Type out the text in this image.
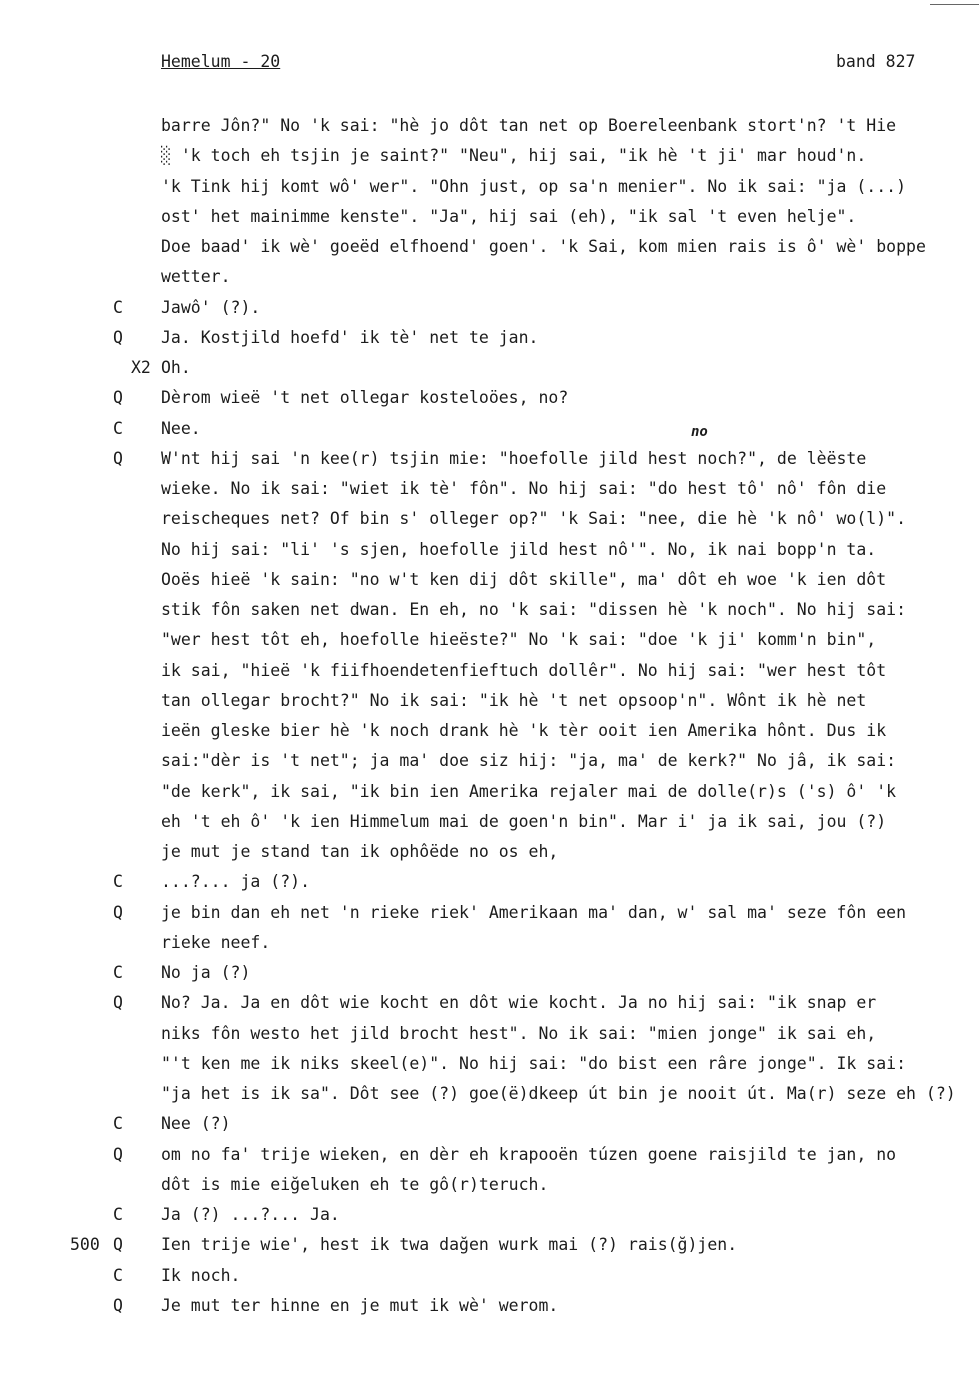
Hemelum - 20	band 827
no
barre Jôn?" No 'k sai: "hè jo dôt tan net op Boereleenbank stort'n? 't Hie
░ 'k toch eh tsjin je saint?" "Neu", hij sai, "ik hè 't ji' mar houd'n.
'k Tink hij komt wô' wer". "Ohn just, op sa'n menier". No ik sai: "ja (...)
ost' het mainimme kenste". "Ja", hij sai (eh), "ik sal 't even helje".
Doe baad' ik wè' goeëd elfhoend' goen'. 'k Sai, kom mien rais is ô' wè' boppe
wetter.
C	Jawô' (?).
Q	Ja. Kostjild hoefd' ik tè' net te jan.
X2 Oh.
Q	Dèrom wieë 't net ollegar kosteloöes, no?
C	Nee.
Q	W'nt hij sai 'n kee(r) tsjin mie: "hoefolle jild hest noch?", de lèëste
wieke. No ik sai: "wiet ik tè' fôn". No hij sai: "do hest tô' nô' fôn die
reischeques net? Of bin s' olleger op?" 'k Sai: "nee, die hè 'k nô' wo(l)".
No hij sai: "li' 's sjen, hoefolle jild hest nô'". No, ik nai bopp'n ta.
Ooës hieë 'k sain: "no w't ken dij dôt skille", ma' dôt eh woe 'k ien dôt
stik fôn saken net dwan. En eh, no 'k sai: "dissen hè 'k noch". No hij sai:
"wer hest tôt eh, hoefolle hieëste?" No 'k sai: "doe 'k ji' komm'n bin",
ik sai, "hieë 'k fiifhoendetenfieftuch dollêr". No hij sai: "wer hest tôt
tan ollegar brocht?" No ik sai: "ik hè 't net opsoop'n". Wônt ik hè net
ieën gleske bier hè 'k noch drank hè 'k tèr ooit ien Amerika hônt. Dus ik
sai:"dèr is 't net"; ja ma' doe siz hij: "ja, ma' de kerk?" No jâ, ik sai:
"de kerk", ik sai, "ik bin ien Amerika rejaler mai de dolle(r)s ('s) ô' 'k
eh 't eh ô' 'k ien Himmelum mai de goen'n bin". Mar i' ja ik sai, jou (?)
je mut je stand tan ik ophôëde no os eh,
C	...?... ja (?).
Q	je bin dan eh net 'n rieke riek' Amerikaan ma' dan, w' sal ma' seze fôn een
rieke neef.
C	No ja (?)
Q	No? Ja. Ja en dôt wie kocht en dôt wie kocht. Ja no hij sai: "ik snap er
niks fôn westo het jild brocht hest". No ik sai: "mien jonge" ik sai eh,
"'t ken me ik niks skeel(e)". No hij sai: "do bist een râre jonge". Ik sai:
"ja het is ik sa". Dôt see (?) goe(ë)dkeep út bin je nooit út. Ma(r) seze eh (?)
C	Nee (?)
Q	om no fa' trije wieken, en dèr eh krapooën túzen goene raisjild te jan, no
dôt is mie eiğeluken eh te gô(r)teruch.
C	Ja (?) ...?... Ja.
500 Q	Ien trije wie', hest ik twa dağen wurk mai (?) rais(ğ)jen.
C	Ik noch.
Q	Je mut ter hinne en je mut ik wè' werom.
